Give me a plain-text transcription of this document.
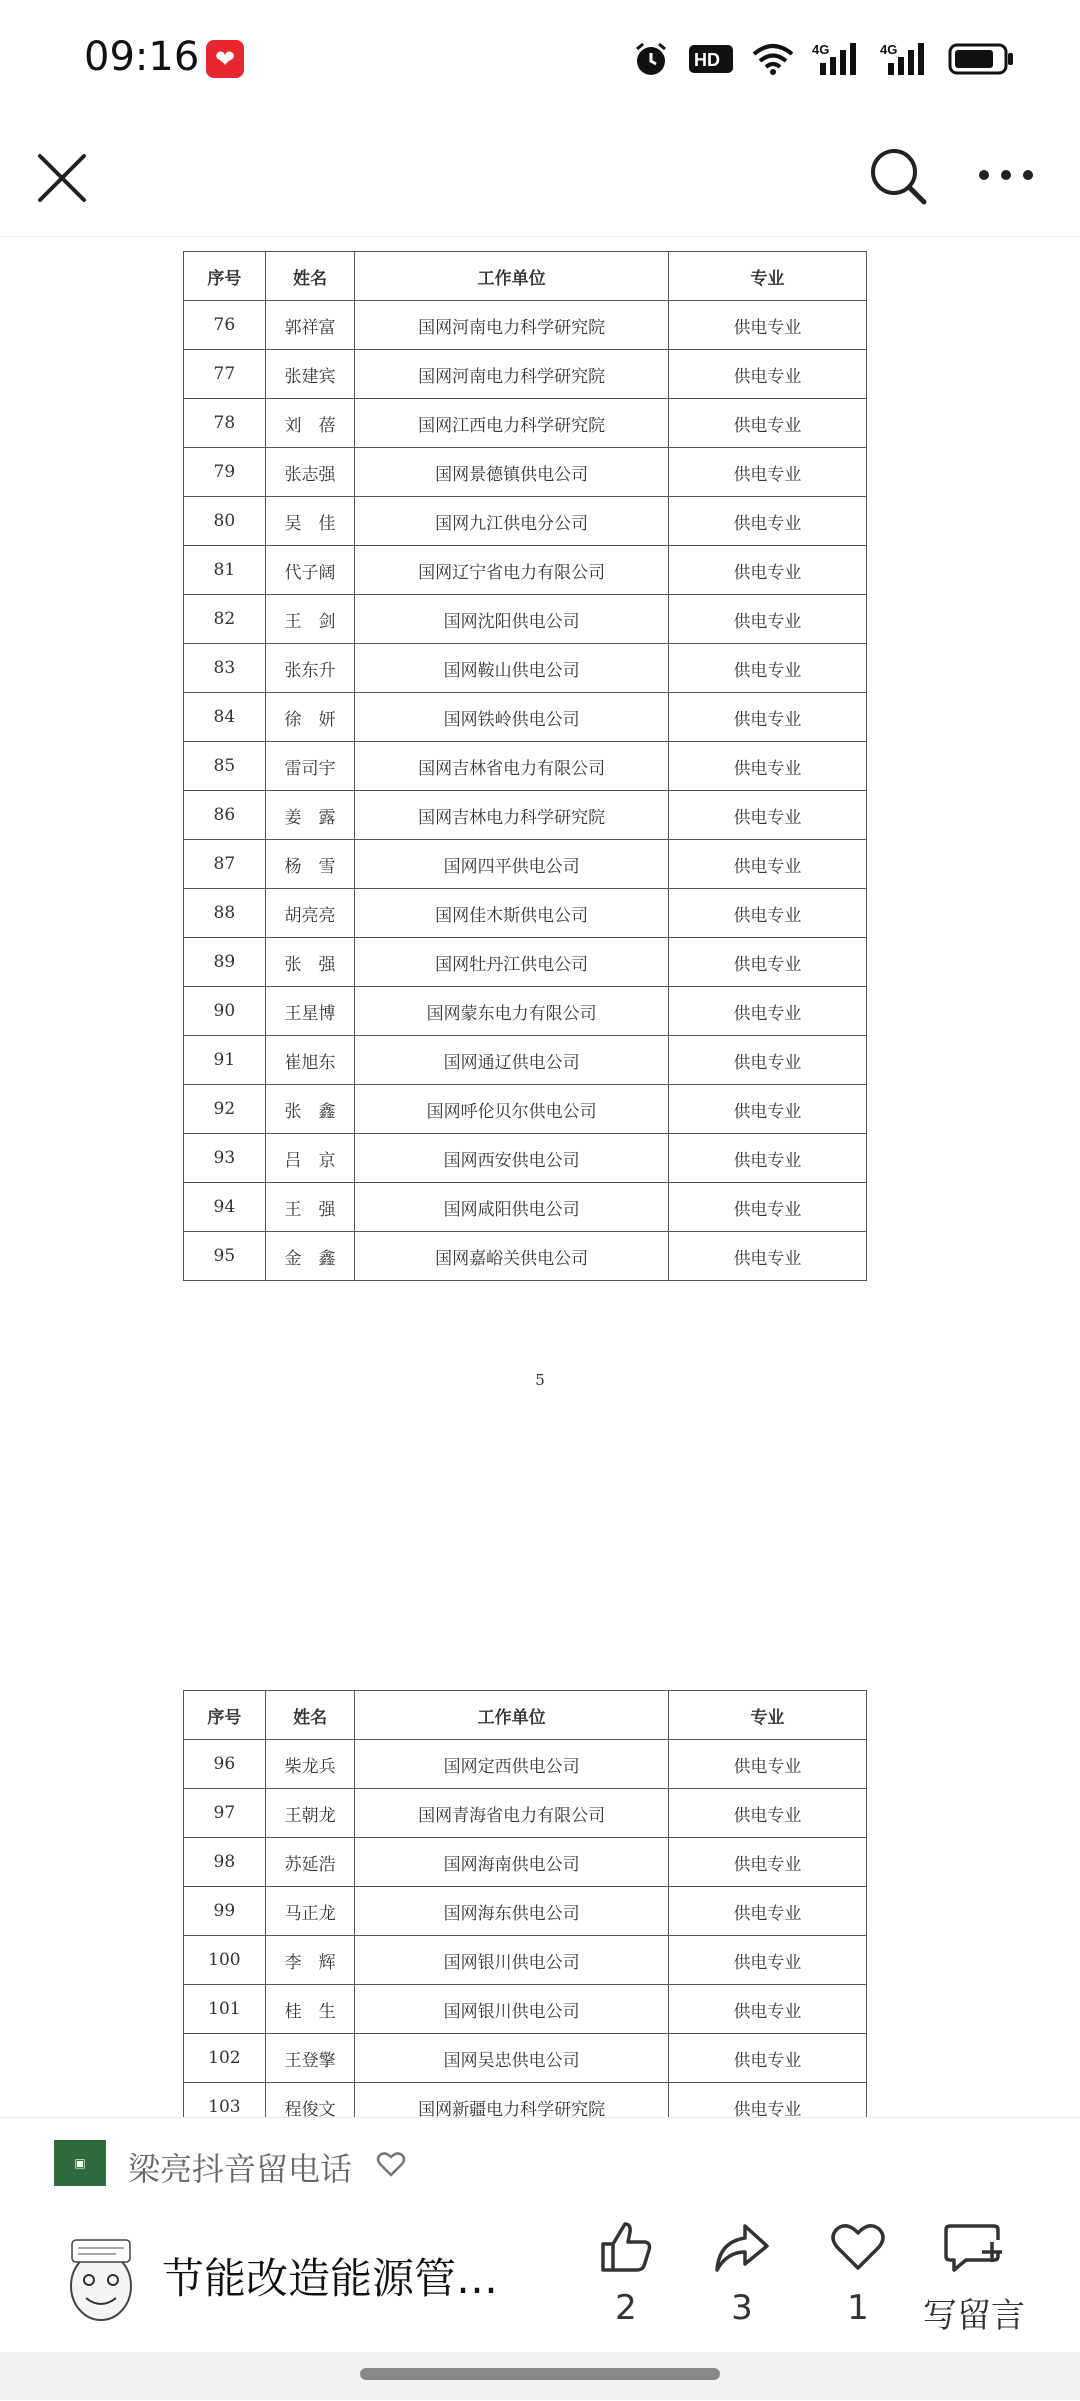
09:16 ❤	HD
4G	4G
序号	姓名	工作单位	专业
76	郭祥富	国网河南电力科学研究院	供电专业
77	张建宾	国网河南电力科学研究院	供电专业
78	刘　蓓	国网江西电力科学研究院	供电专业
79	张志强	国网景德镇供电公司	供电专业
80	吴　佳	国网九江供电分公司	供电专业
81	代子阔	国网辽宁省电力有限公司	供电专业
82	王　剑	国网沈阳供电公司	供电专业
83	张东升	国网鞍山供电公司	供电专业
84	徐　妍	国网铁岭供电公司	供电专业
85	雷司宇	国网吉林省电力有限公司	供电专业
86	姜　露	国网吉林电力科学研究院	供电专业
87	杨　雪	国网四平供电公司	供电专业
88	胡亮亮	国网佳木斯供电公司	供电专业
89	张　强	国网牡丹江供电公司	供电专业
90	王星博	国网蒙东电力有限公司	供电专业
91	崔旭东	国网通辽供电公司	供电专业
92	张　鑫	国网呼伦贝尔供电公司	供电专业
93	吕　京	国网西安供电公司	供电专业
94	王　强	国网咸阳供电公司	供电专业
95	金　鑫	国网嘉峪关供电公司	供电专业
5
序号	姓名	工作单位	专业
96	柴龙兵	国网定西供电公司	供电专业
97	王朝龙	国网青海省电力有限公司	供电专业
98	苏延浩	国网海南供电公司	供电专业
99	马正龙	国网海东供电公司	供电专业
100	李　辉	国网银川供电公司	供电专业
101	桂　生	国网银川供电公司	供电专业
102	王登擎	国网吴忠供电公司	供电专业
103	程俊文	国网新疆电力科学研究院	供电专业
▣	梁亮抖音留电话
节能改造能源管…
2	3	1	写留言
